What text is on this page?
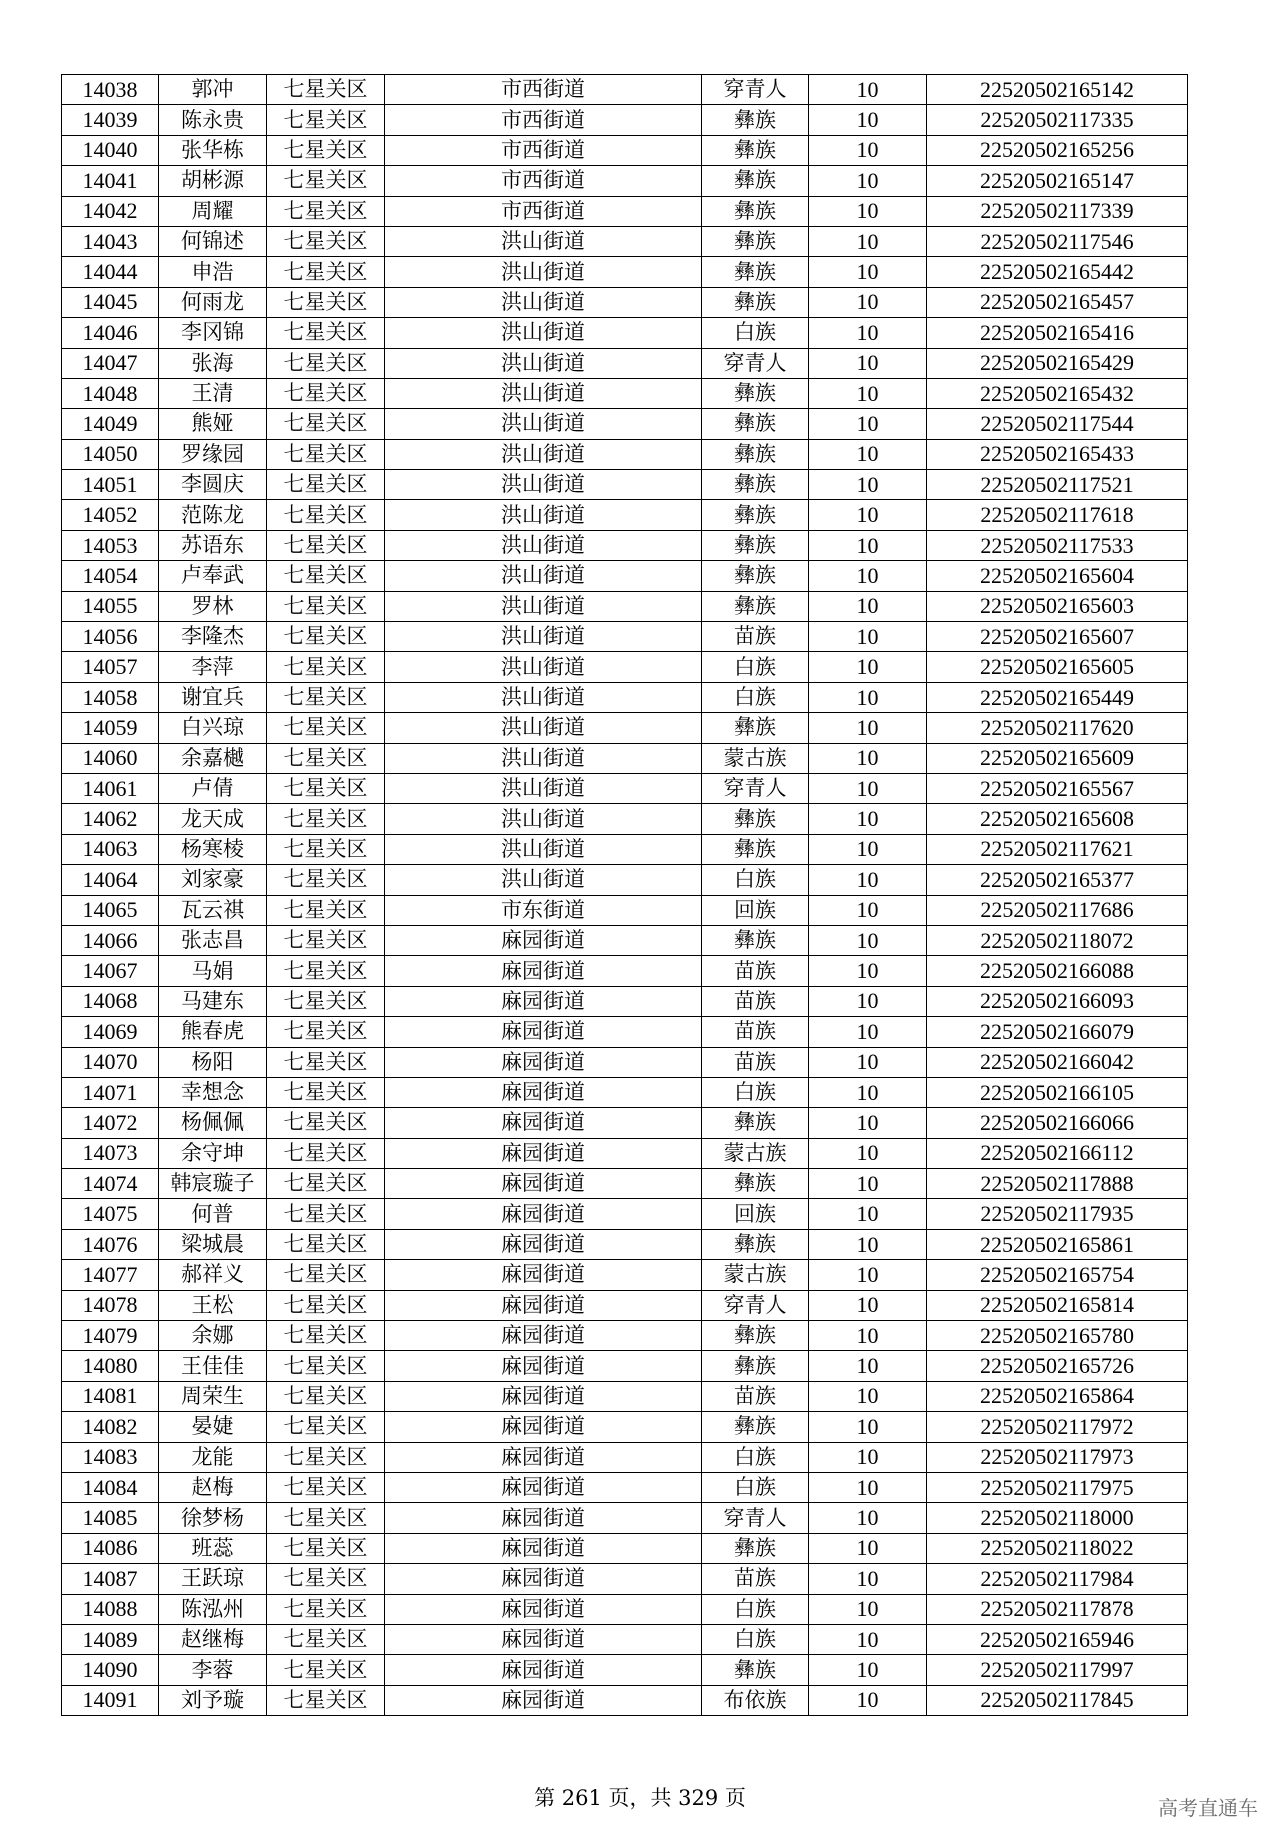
14038	郭冲	七星关区	市西街道	穿青人	10	22520502165142
14039	陈永贵	七星关区	市西街道	彝族	10	22520502117335
14040	张华栋	七星关区	市西街道	彝族	10	22520502165256
14041	胡彬源	七星关区	市西街道	彝族	10	22520502165147
14042	周耀	七星关区	市西街道	彝族	10	22520502117339
14043	何锦述	七星关区	洪山街道	彝族	10	22520502117546
14044	申浩	七星关区	洪山街道	彝族	10	22520502165442
14045	何雨龙	七星关区	洪山街道	彝族	10	22520502165457
14046	李冈锦	七星关区	洪山街道	白族	10	22520502165416
14047	张海	七星关区	洪山街道	穿青人	10	22520502165429
14048	王清	七星关区	洪山街道	彝族	10	22520502165432
14049	熊娅	七星关区	洪山街道	彝族	10	22520502117544
14050	罗缘园	七星关区	洪山街道	彝族	10	22520502165433
14051	李圆庆	七星关区	洪山街道	彝族	10	22520502117521
14052	范陈龙	七星关区	洪山街道	彝族	10	22520502117618
14053	苏语东	七星关区	洪山街道	彝族	10	22520502117533
14054	卢奉武	七星关区	洪山街道	彝族	10	22520502165604
14055	罗林	七星关区	洪山街道	彝族	10	22520502165603
14056	李隆杰	七星关区	洪山街道	苗族	10	22520502165607
14057	李萍	七星关区	洪山街道	白族	10	22520502165605
14058	谢宜兵	七星关区	洪山街道	白族	10	22520502165449
14059	白兴琼	七星关区	洪山街道	彝族	10	22520502117620
14060	余嘉樾	七星关区	洪山街道	蒙古族	10	22520502165609
14061	卢倩	七星关区	洪山街道	穿青人	10	22520502165567
14062	龙天成	七星关区	洪山街道	彝族	10	22520502165608
14063	杨寒棱	七星关区	洪山街道	彝族	10	22520502117621
14064	刘家豪	七星关区	洪山街道	白族	10	22520502165377
14065	瓦云祺	七星关区	市东街道	回族	10	22520502117686
14066	张志昌	七星关区	麻园街道	彝族	10	22520502118072
14067	马娟	七星关区	麻园街道	苗族	10	22520502166088
14068	马建东	七星关区	麻园街道	苗族	10	22520502166093
14069	熊春虎	七星关区	麻园街道	苗族	10	22520502166079
14070	杨阳	七星关区	麻园街道	苗族	10	22520502166042
14071	幸想念	七星关区	麻园街道	白族	10	22520502166105
14072	杨佩佩	七星关区	麻园街道	彝族	10	22520502166066
14073	余守坤	七星关区	麻园街道	蒙古族	10	22520502166112
14074	韩宸璇子	七星关区	麻园街道	彝族	10	22520502117888
14075	何普	七星关区	麻园街道	回族	10	22520502117935
14076	梁城晨	七星关区	麻园街道	彝族	10	22520502165861
14077	郝祥义	七星关区	麻园街道	蒙古族	10	22520502165754
14078	王松	七星关区	麻园街道	穿青人	10	22520502165814
14079	余娜	七星关区	麻园街道	彝族	10	22520502165780
14080	王佳佳	七星关区	麻园街道	彝族	10	22520502165726
14081	周荣生	七星关区	麻园街道	苗族	10	22520502165864
14082	晏婕	七星关区	麻园街道	彝族	10	22520502117972
14083	龙能	七星关区	麻园街道	白族	10	22520502117973
14084	赵梅	七星关区	麻园街道	白族	10	22520502117975
14085	徐梦杨	七星关区	麻园街道	穿青人	10	22520502118000
14086	班蕊	七星关区	麻园街道	彝族	10	22520502118022
14087	王跃琼	七星关区	麻园街道	苗族	10	22520502117984
14088	陈泓州	七星关区	麻园街道	白族	10	22520502117878
14089	赵继梅	七星关区	麻园街道	白族	10	22520502165946
14090	李蓉	七星关区	麻园街道	彝族	10	22520502117997
14091	刘予璇	七星关区	麻园街道	布依族	10	22520502117845
第 261 页，共 329 页	高考直通车
